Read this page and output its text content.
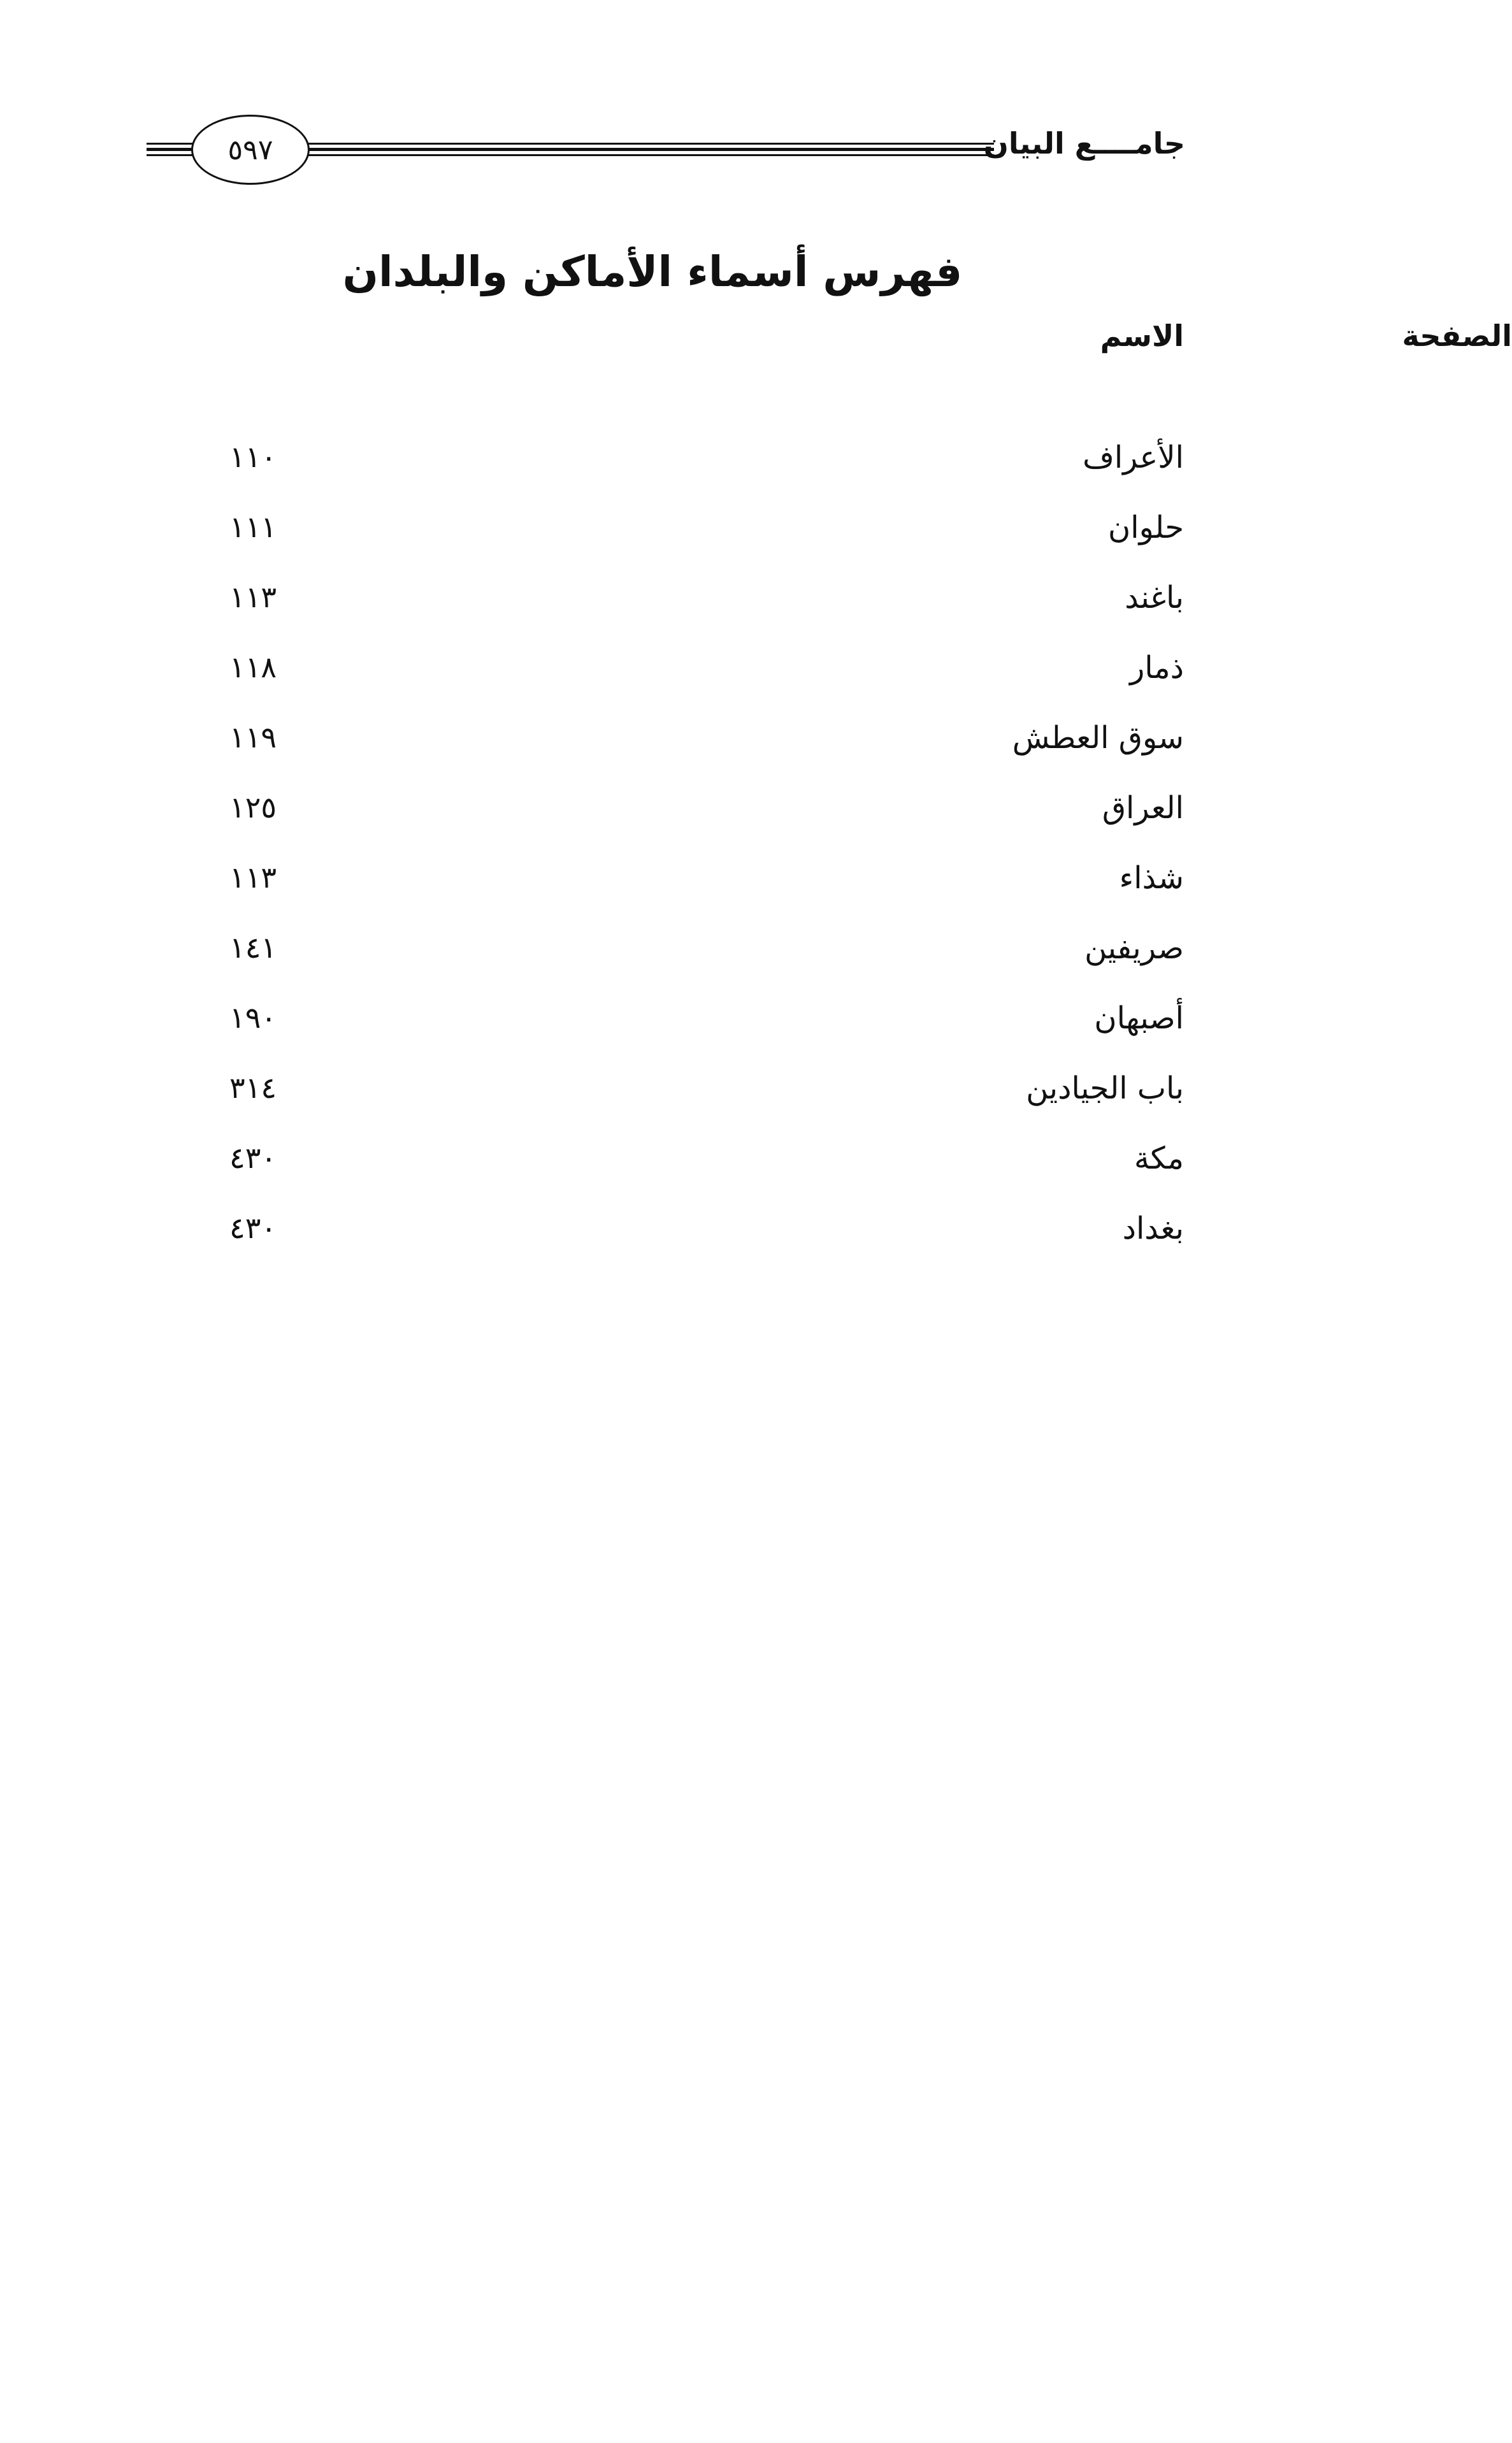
٥٩٧	جامــــع البيان
فهرس أسماء الأماكن والبلدان
الاسم	الصفحة
الأعراف
١١٠
حلوان
١١١
باغند
١١٣
ذمار
١١٨
سوق العطش
١١٩
العراق
١٢٥
شذاء
١١٣
صريفين
١٤١
أصبهان
١٩٠
باب الجيادين
٣١٤
مكة
٤٣٠
بغداد
٤٣٠
